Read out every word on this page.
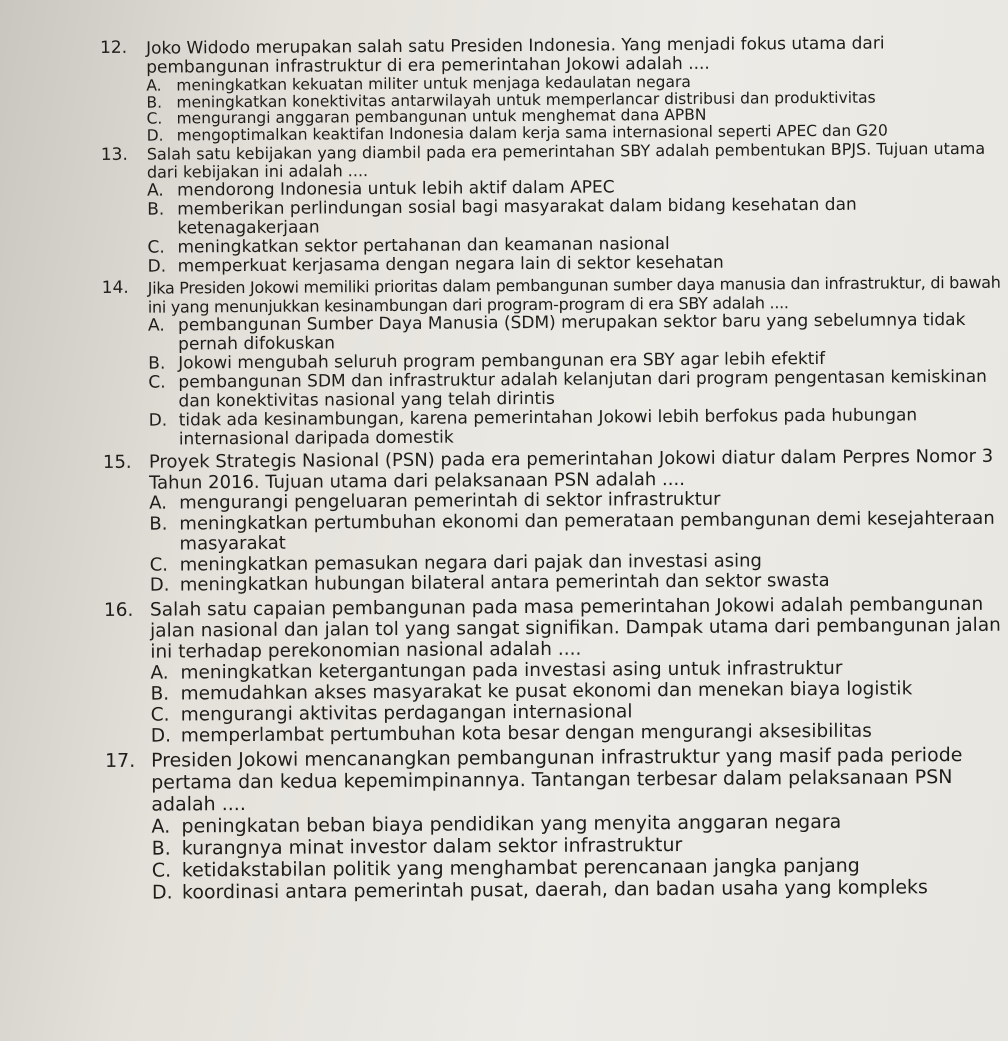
12.	Joko Widodo merupakan salah satu Presiden Indonesia. Yang menjadi fokus utama dari pembangunan infrastruktur di era pemerintahan Jokowi adalah ....
A. meningkatkan kekuatan militer untuk menjaga kedaulatan negara
B. meningkatkan konektivitas antarwilayah untuk memperlancar distribusi dan produktivitas
C. mengurangi anggaran pembangunan untuk menghemat dana APBN
D. mengoptimalkan keaktifan Indonesia dalam kerja sama internasional seperti APEC dan G20
13.	Salah satu kebijakan yang diambil pada era pemerintahan SBY adalah pembentukan BPJS. Tujuan utama dari kebijakan ini adalah ....
A. mendorong Indonesia untuk lebih aktif dalam APEC
B. memberikan perlindungan sosial bagi masyarakat dalam bidang kesehatan dan ketenagakerjaan
C. meningkatkan sektor pertahanan dan keamanan nasional
D. memperkuat kerjasama dengan negara lain di sektor kesehatan
14.	Jika Presiden Jokowi memiliki prioritas dalam pembangunan sumber daya manusia dan infrastruktur, di bawah ini yang menunjukkan kesinambungan dari program-program di era SBY adalah ....
A. pembangunan Sumber Daya Manusia (SDM) merupakan sektor baru yang sebelumnya tidak pernah difokuskan
B. Jokowi mengubah seluruh program pembangunan era SBY agar lebih efektif
C. pembangunan SDM dan infrastruktur adalah kelanjutan dari program pengentasan kemiskinan dan konektivitas nasional yang telah dirintis
D. tidak ada kesinambungan, karena pemerintahan Jokowi lebih berfokus pada hubungan internasional daripada domestik
15. Proyek Strategis Nasional (PSN) pada era pemerintahan Jokowi diatur dalam Perpres Nomor 3 Tahun 2016. Tujuan utama dari pelaksanaan PSN adalah ....
A. mengurangi pengeluaran pemerintah di sektor infrastruktur
B. meningkatkan pertumbuhan ekonomi dan pemerataan pembangunan demi kesejahteraan masyarakat
C. meningkatkan pemasukan negara dari pajak dan investasi asing
D. meningkatkan hubungan bilateral antara pemerintah dan sektor swasta
16. Salah satu capaian pembangunan pada masa pemerintahan Jokowi adalah pembangunan jalan nasional dan jalan tol yang sangat signifikan. Dampak utama dari pembangunan jalan ini terhadap perekonomian nasional adalah ....
A. meningkatkan ketergantungan pada investasi asing untuk infrastruktur
B. memudahkan akses masyarakat ke pusat ekonomi dan menekan biaya logistik
C. mengurangi aktivitas perdagangan internasional
D. memperlambat pertumbuhan kota besar dengan mengurangi aksesibilitas
17. Presiden Jokowi mencanangkan pembangunan infrastruktur yang masif pada periode pertama dan kedua kepemimpinannya. Tantangan terbesar dalam pelaksanaan PSN adalah ....
A. peningkatan beban biaya pendidikan yang menyita anggaran negara
B. kurangnya minat investor dalam sektor infrastruktur
C. ketidakstabilan politik yang menghambat perencanaan jangka panjang
D. koordinasi antara pemerintah pusat, daerah, dan badan usaha yang kompleks
